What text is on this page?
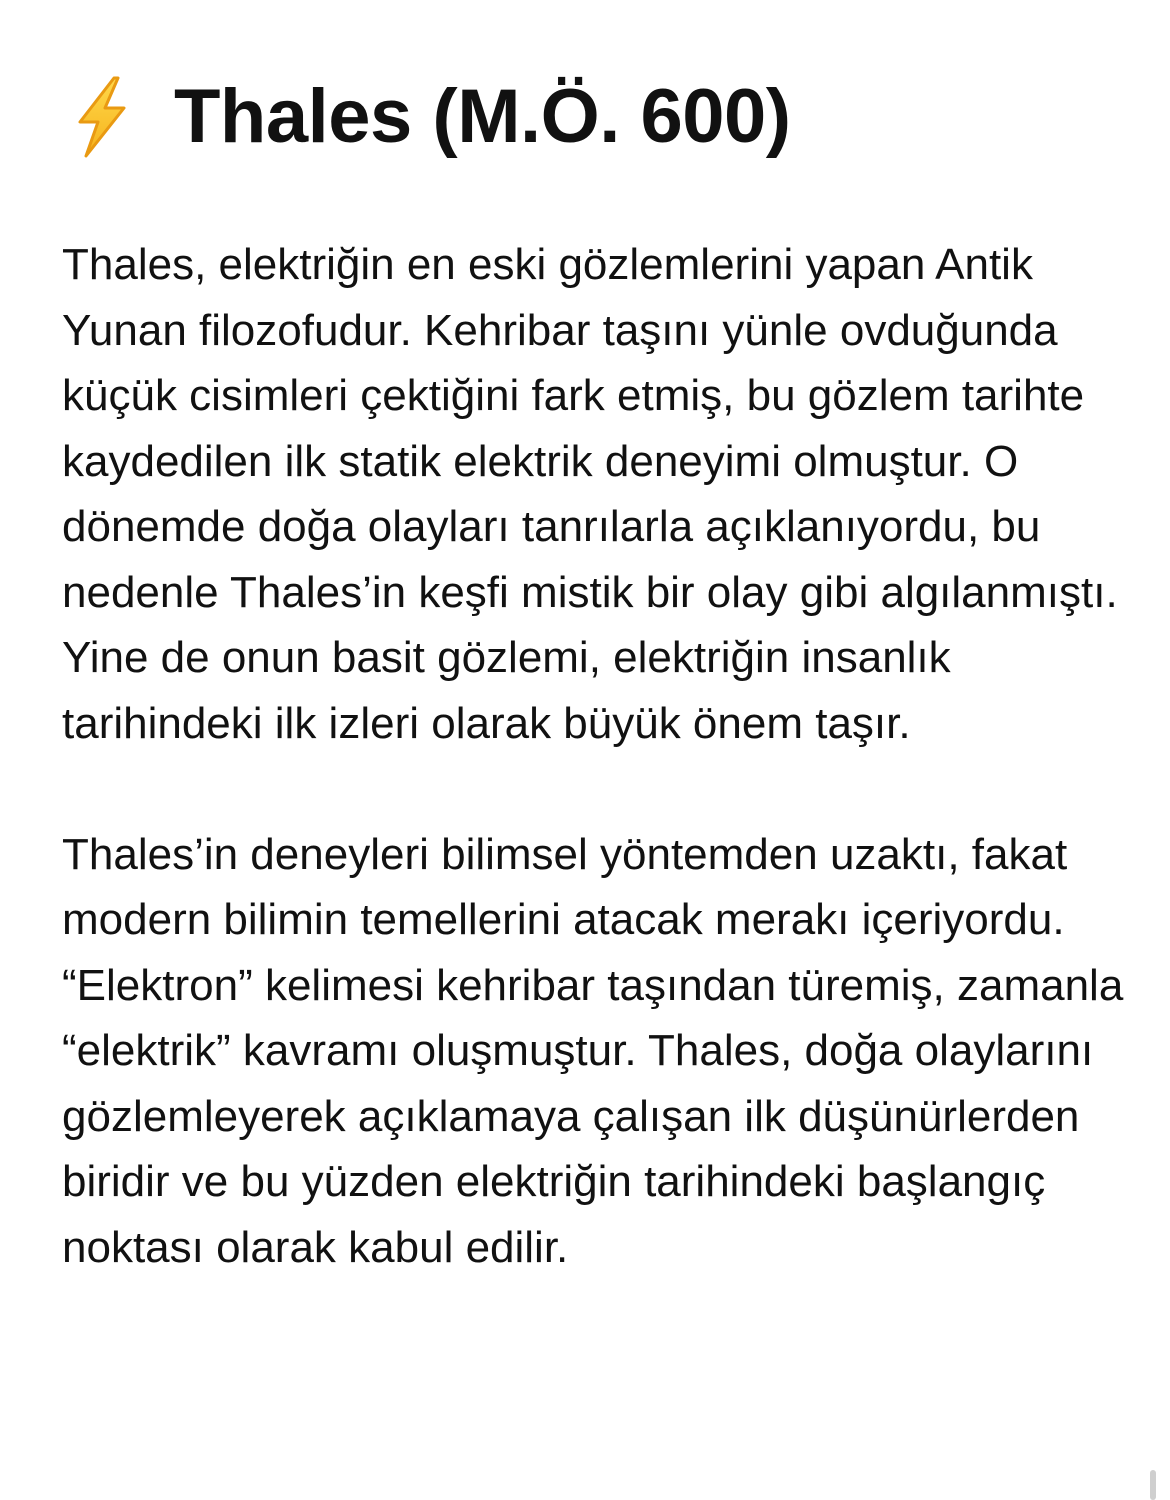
Thales (M.Ö. 600)

Thales, elektriğin en eski gözlemlerini yapan Antik Yunan filozofudur. Kehribar taşını yünle ovduğunda küçük cisimleri çektiğini fark etmiş, bu gözlem tarihte kaydedilen ilk statik elektrik deneyimi olmuştur. O dönemde doğa olayları tanrılarla açıklanıyordu, bu nedenle Thales’in keşfi mistik bir olay gibi algılanmıştı. Yine de onun basit gözlemi, elektriğin insanlık tarihindeki ilk izleri olarak büyük önem taşır.

Thales’in deneyleri bilimsel yöntemden uzaktı, fakat modern bilimin temellerini atacak merakı içeriyordu. “Elektron” kelimesi kehribar taşından türemiş, zamanla “elektrik” kavramı oluşmuştur. Thales, doğa olaylarını gözlemleyerek açıklamaya çalışan ilk düşünürlerden biridir ve bu yüzden elektriğin tarihindeki başlangıç noktası olarak kabul edilir.
